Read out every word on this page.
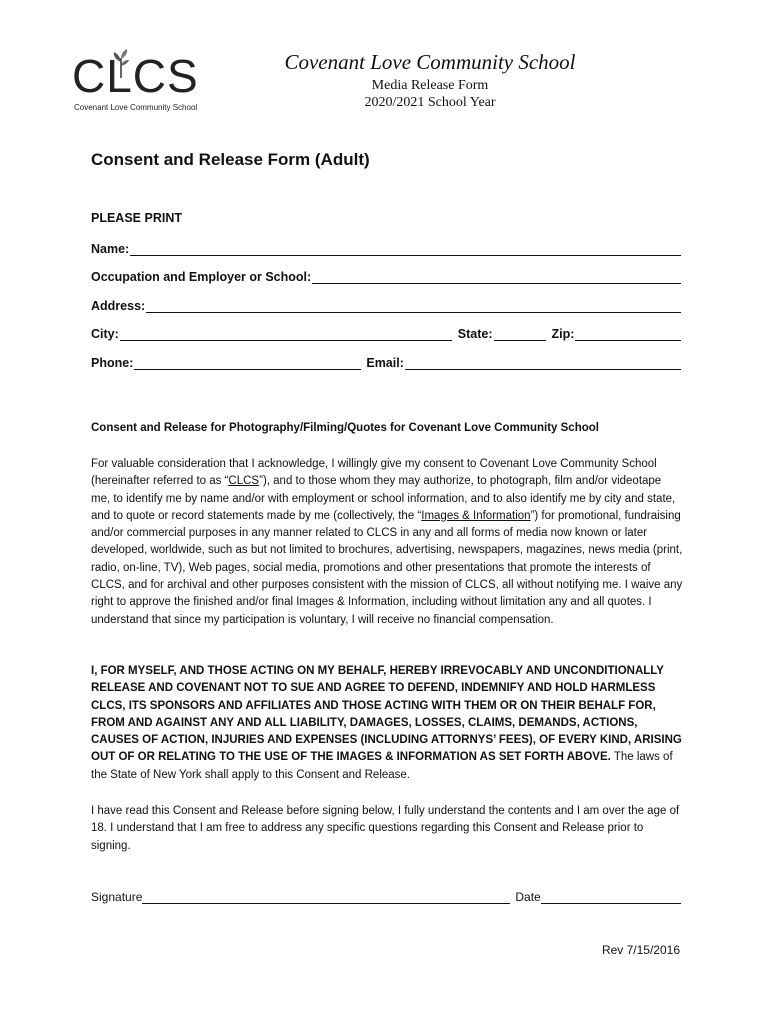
CLCS
Covenant Love Community School
Covenant Love Community School
Media Release Form
2020/2021 School Year
Consent and Release Form (Adult)
PLEASE PRINT
Name:
Occupation and Employer or School:
Address:
City:	State:	Zip:
Phone:	Email:
Consent and Release for Photography/Filming/Quotes for Covenant Love Community School

For valuable consideration that I acknowledge, I willingly give my consent to Covenant Love Community School (hereinafter referred to as “CLCS”), and to those whom they may authorize, to photograph, film and/or videotape me, to identify me by name and/or with employment or school information, and to also identify me by city and state, and to quote or record statements made by me (collectively, the “Images & Information”) for promotional, fundraising and/or commercial purposes in any manner related to CLCS in any and all forms of media now known or later developed, worldwide, such as but not limited to brochures, advertising, newspapers, magazines, news media (print, radio, on-line, TV), Web pages, social media, promotions and other presentations that promote the interests of CLCS, and for archival and other purposes consistent with the mission of CLCS, all without notifying me. I waive any right to approve the finished and/or final Images & Information, including without limitation any and all quotes. I understand that since my participation is voluntary, I will receive no financial compensation.

I, FOR MYSELF, AND THOSE ACTING ON MY BEHALF, HEREBY IRREVOCABLY AND UNCONDITIONALLY RELEASE AND COVENANT NOT TO SUE AND AGREE TO DEFEND, INDEMNIFY AND HOLD HARMLESS CLCS, ITS SPONSORS AND AFFILIATES AND THOSE ACTING WITH THEM OR ON THEIR BEHALF FOR, FROM AND AGAINST ANY AND ALL LIABILITY, DAMAGES, LOSSES, CLAIMS, DEMANDS, ACTIONS, CAUSES OF ACTION, INJURIES AND EXPENSES (INCLUDING ATTORNYS’ FEES), OF EVERY KIND, ARISING OUT OF OR RELATING TO THE USE OF THE IMAGES & INFORMATION AS SET FORTH ABOVE. The laws of the State of New York shall apply to this Consent and Release.

I have read this Consent and Release before signing below, I fully understand the contents and I am over the age of 18. I understand that I am free to address any specific questions regarding this Consent and Release prior to signing.

Signature	Date
Rev 7/15/2016
